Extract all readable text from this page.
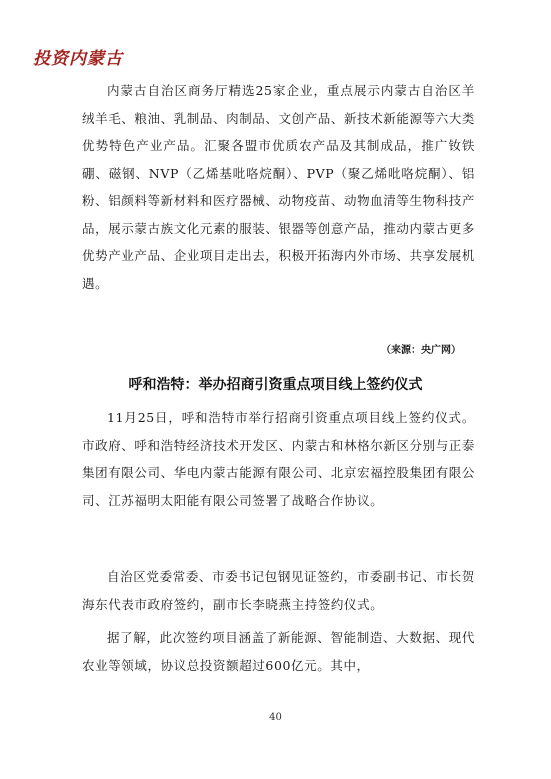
投资内蒙古

内蒙古自治区商务厅精选25家企业，重点展示内蒙古自治区羊绒羊毛、粮油、乳制品、肉制品、文创产品、新技术新能源等六大类优势特色产业产品。汇聚各盟市优质农产品及其制成品，推广钕铁硼、磁钢、NVP（乙烯基吡咯烷酮）、PVP（聚乙烯吡咯烷酮）、铝粉、铝颜料等新材料和医疗器械、动物疫苗、动物血清等生物科技产品，展示蒙古族文化元素的服装、银器等创意产品，推动内蒙古更多优势产业产品、企业项目走出去，积极开拓海内外市场、共享发展机遇。

（来源：央广网）
呼和浩特：举办招商引资重点项目线上签约仪式

11月25日，呼和浩特市举行招商引资重点项目线上签约仪式。市政府、呼和浩特经济技术开发区、内蒙古和林格尔新区分别与正泰集团有限公司、华电内蒙古能源有限公司、北京宏福控股集团有限公司、江苏福明太阳能有限公司签署了战略合作协议。

自治区党委常委、市委书记包钢见证签约，市委副书记、市长贺海东代表市政府签约，副市长李晓燕主持签约仪式。

据了解，此次签约项目涵盖了新能源、智能制造、大数据、现代农业等领域，协议总投资额超过600亿元。其中，

40
